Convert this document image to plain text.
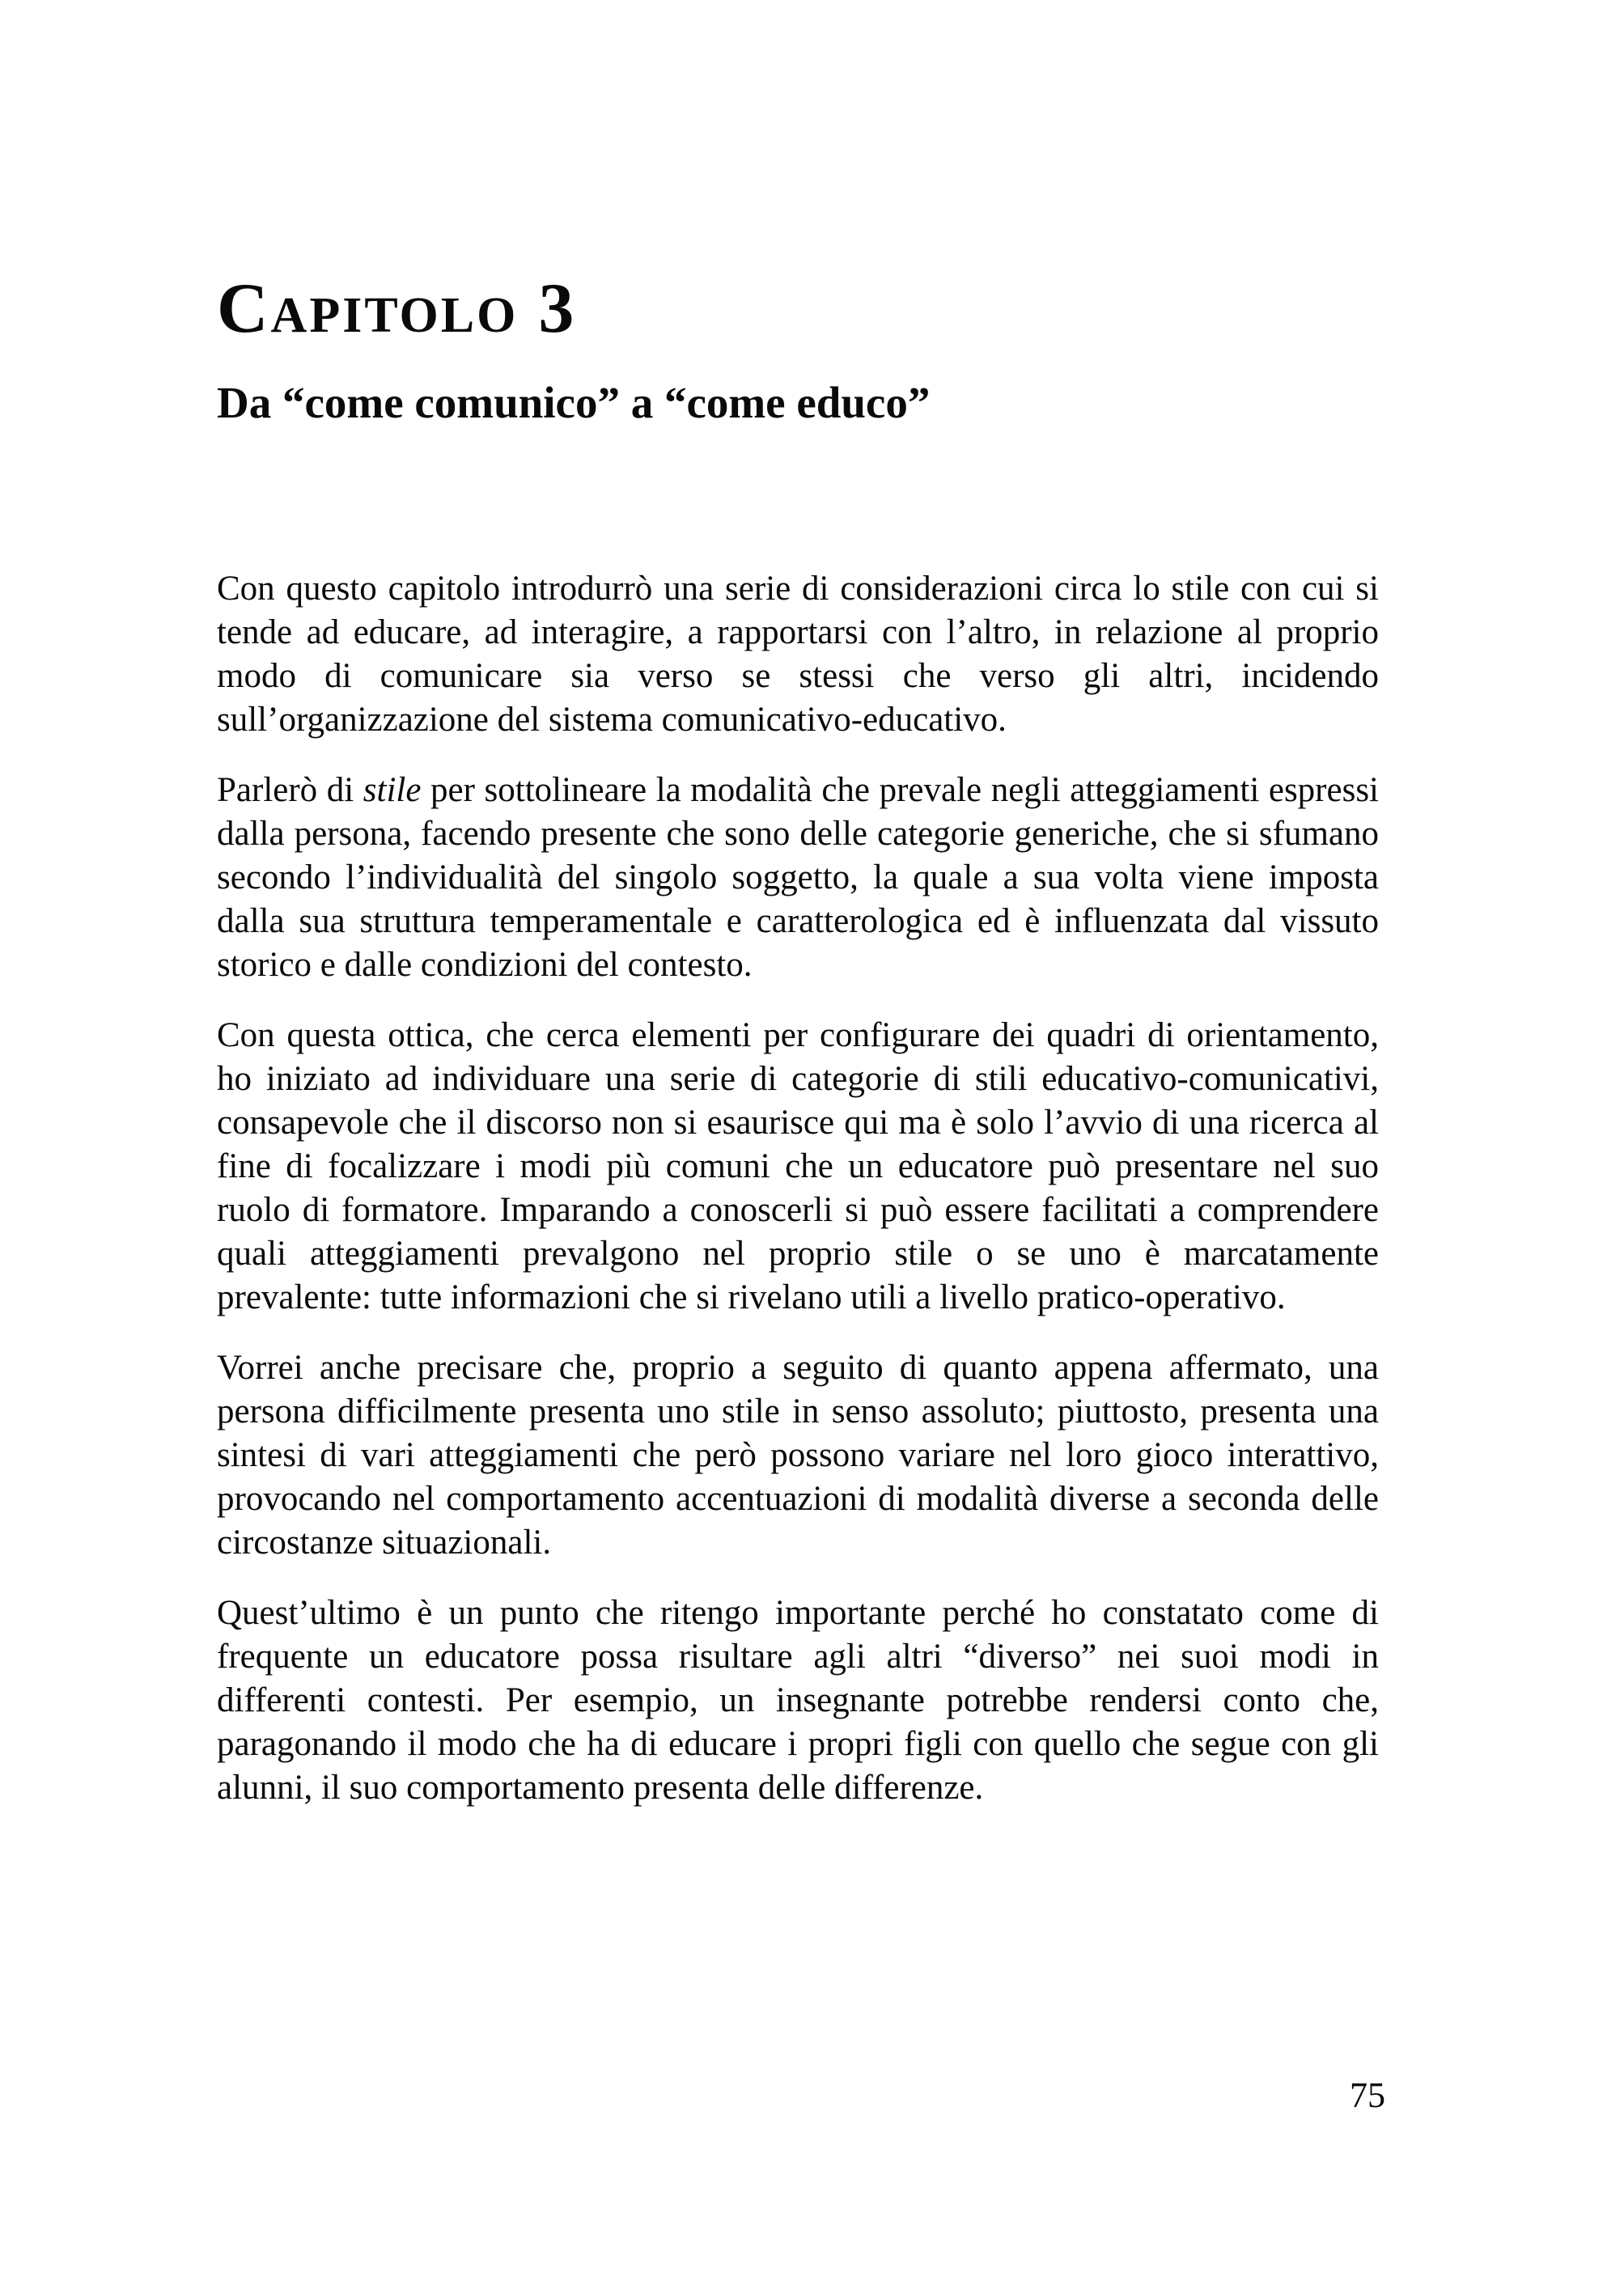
Capitolo 3
Da “come comunico” a “come educo”

Con questo capitolo introdurrò una serie di considerazioni circa lo stile con cui si tende ad educare, ad interagire, a rapportarsi con l’altro, in relazione al proprio modo di comunicare sia verso se stessi che verso gli altri, incidendo sull’organizzazione del sistema comunicativo-educativo.

Parlerò di stile per sottolineare la modalità che prevale negli atteggiamenti espressi dalla persona, facendo presente che sono delle categorie generiche, che si sfumano secondo l’individualità del singolo soggetto, la quale a sua volta viene imposta dalla sua struttura temperamentale e caratterologica ed è influenzata dal vissuto storico e dalle condizioni del contesto.

Con questa ottica, che cerca elementi per configurare dei quadri di orientamento, ho iniziato ad individuare una serie di categorie di stili educativo-comunicativi, consapevole che il discorso non si esaurisce qui ma è solo l’avvio di una ricerca al fine di focalizzare i modi più comuni che un educatore può presentare nel suo ruolo di formatore. Imparando a conoscerli si può essere facilitati a comprendere quali atteggiamenti prevalgono nel proprio stile o se uno è marcatamente prevalente: tutte informazioni che si rivelano utili a livello pratico-operativo.

Vorrei anche precisare che, proprio a seguito di quanto appena affermato, una persona difficilmente presenta uno stile in senso assoluto; piuttosto, presenta una sintesi di vari atteggiamenti che però possono variare nel loro gioco interattivo, provocando nel comportamento accentuazioni di modalità diverse a seconda delle circostanze situazionali.

Quest’ultimo è un punto che ritengo importante perché ho constatato come di frequente un educatore possa risultare agli altri “diverso” nei suoi modi in differenti contesti. Per esempio, un insegnante potrebbe rendersi conto che, paragonando il modo che ha di educare i propri figli con quello che segue con gli alunni, il suo comportamento presenta delle differenze.

75
